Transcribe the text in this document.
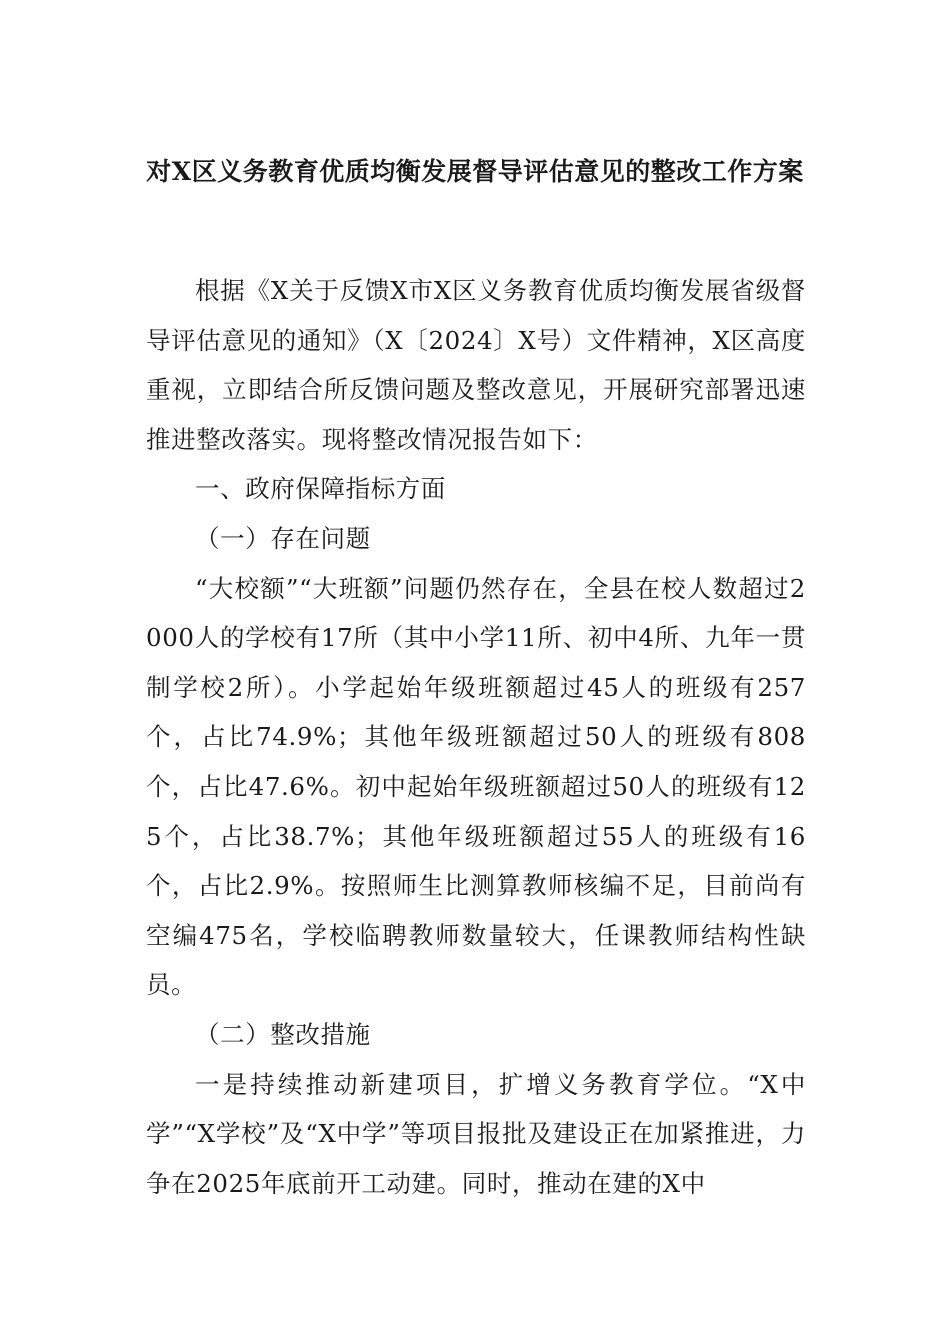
对X区义务教育优质均衡发展督导评估意见的整改工作方案

根据《X关于反馈X市X区义务教育优质均衡发展省级督导评估意见的通知》（X〔2024〕X号）文件精神，X区高度重视，立即结合所反馈问题及整改意见，开展研究部署迅速推进整改落实。现将整改情况报告如下：

一、政府保障指标方面

（一）存在问题

“大校额”“大班额”问题仍然存在，全县在校人数超过2000人的学校有17所（其中小学11所、初中4所、九年一贯制学校2所）。小学起始年级班额超过45人的班级有257个，占比74.9%；其他年级班额超过50人的班级有808个，占比47.6%。初中起始年级班额超过50人的班级有125个，占比38.7%；其他年级班额超过55人的班级有16个，占比2.9%。按照师生比测算教师核编不足，目前尚有空编475名，学校临聘教师数量较大，任课教师结构性缺员。

（二）整改措施

一是持续推动新建项目，扩增义务教育学位。“X中学”“X学校”及“X中学”等项目报批及建设正在加紧推进，力争在2025年底前开工动建。同时，推动在建的X中
